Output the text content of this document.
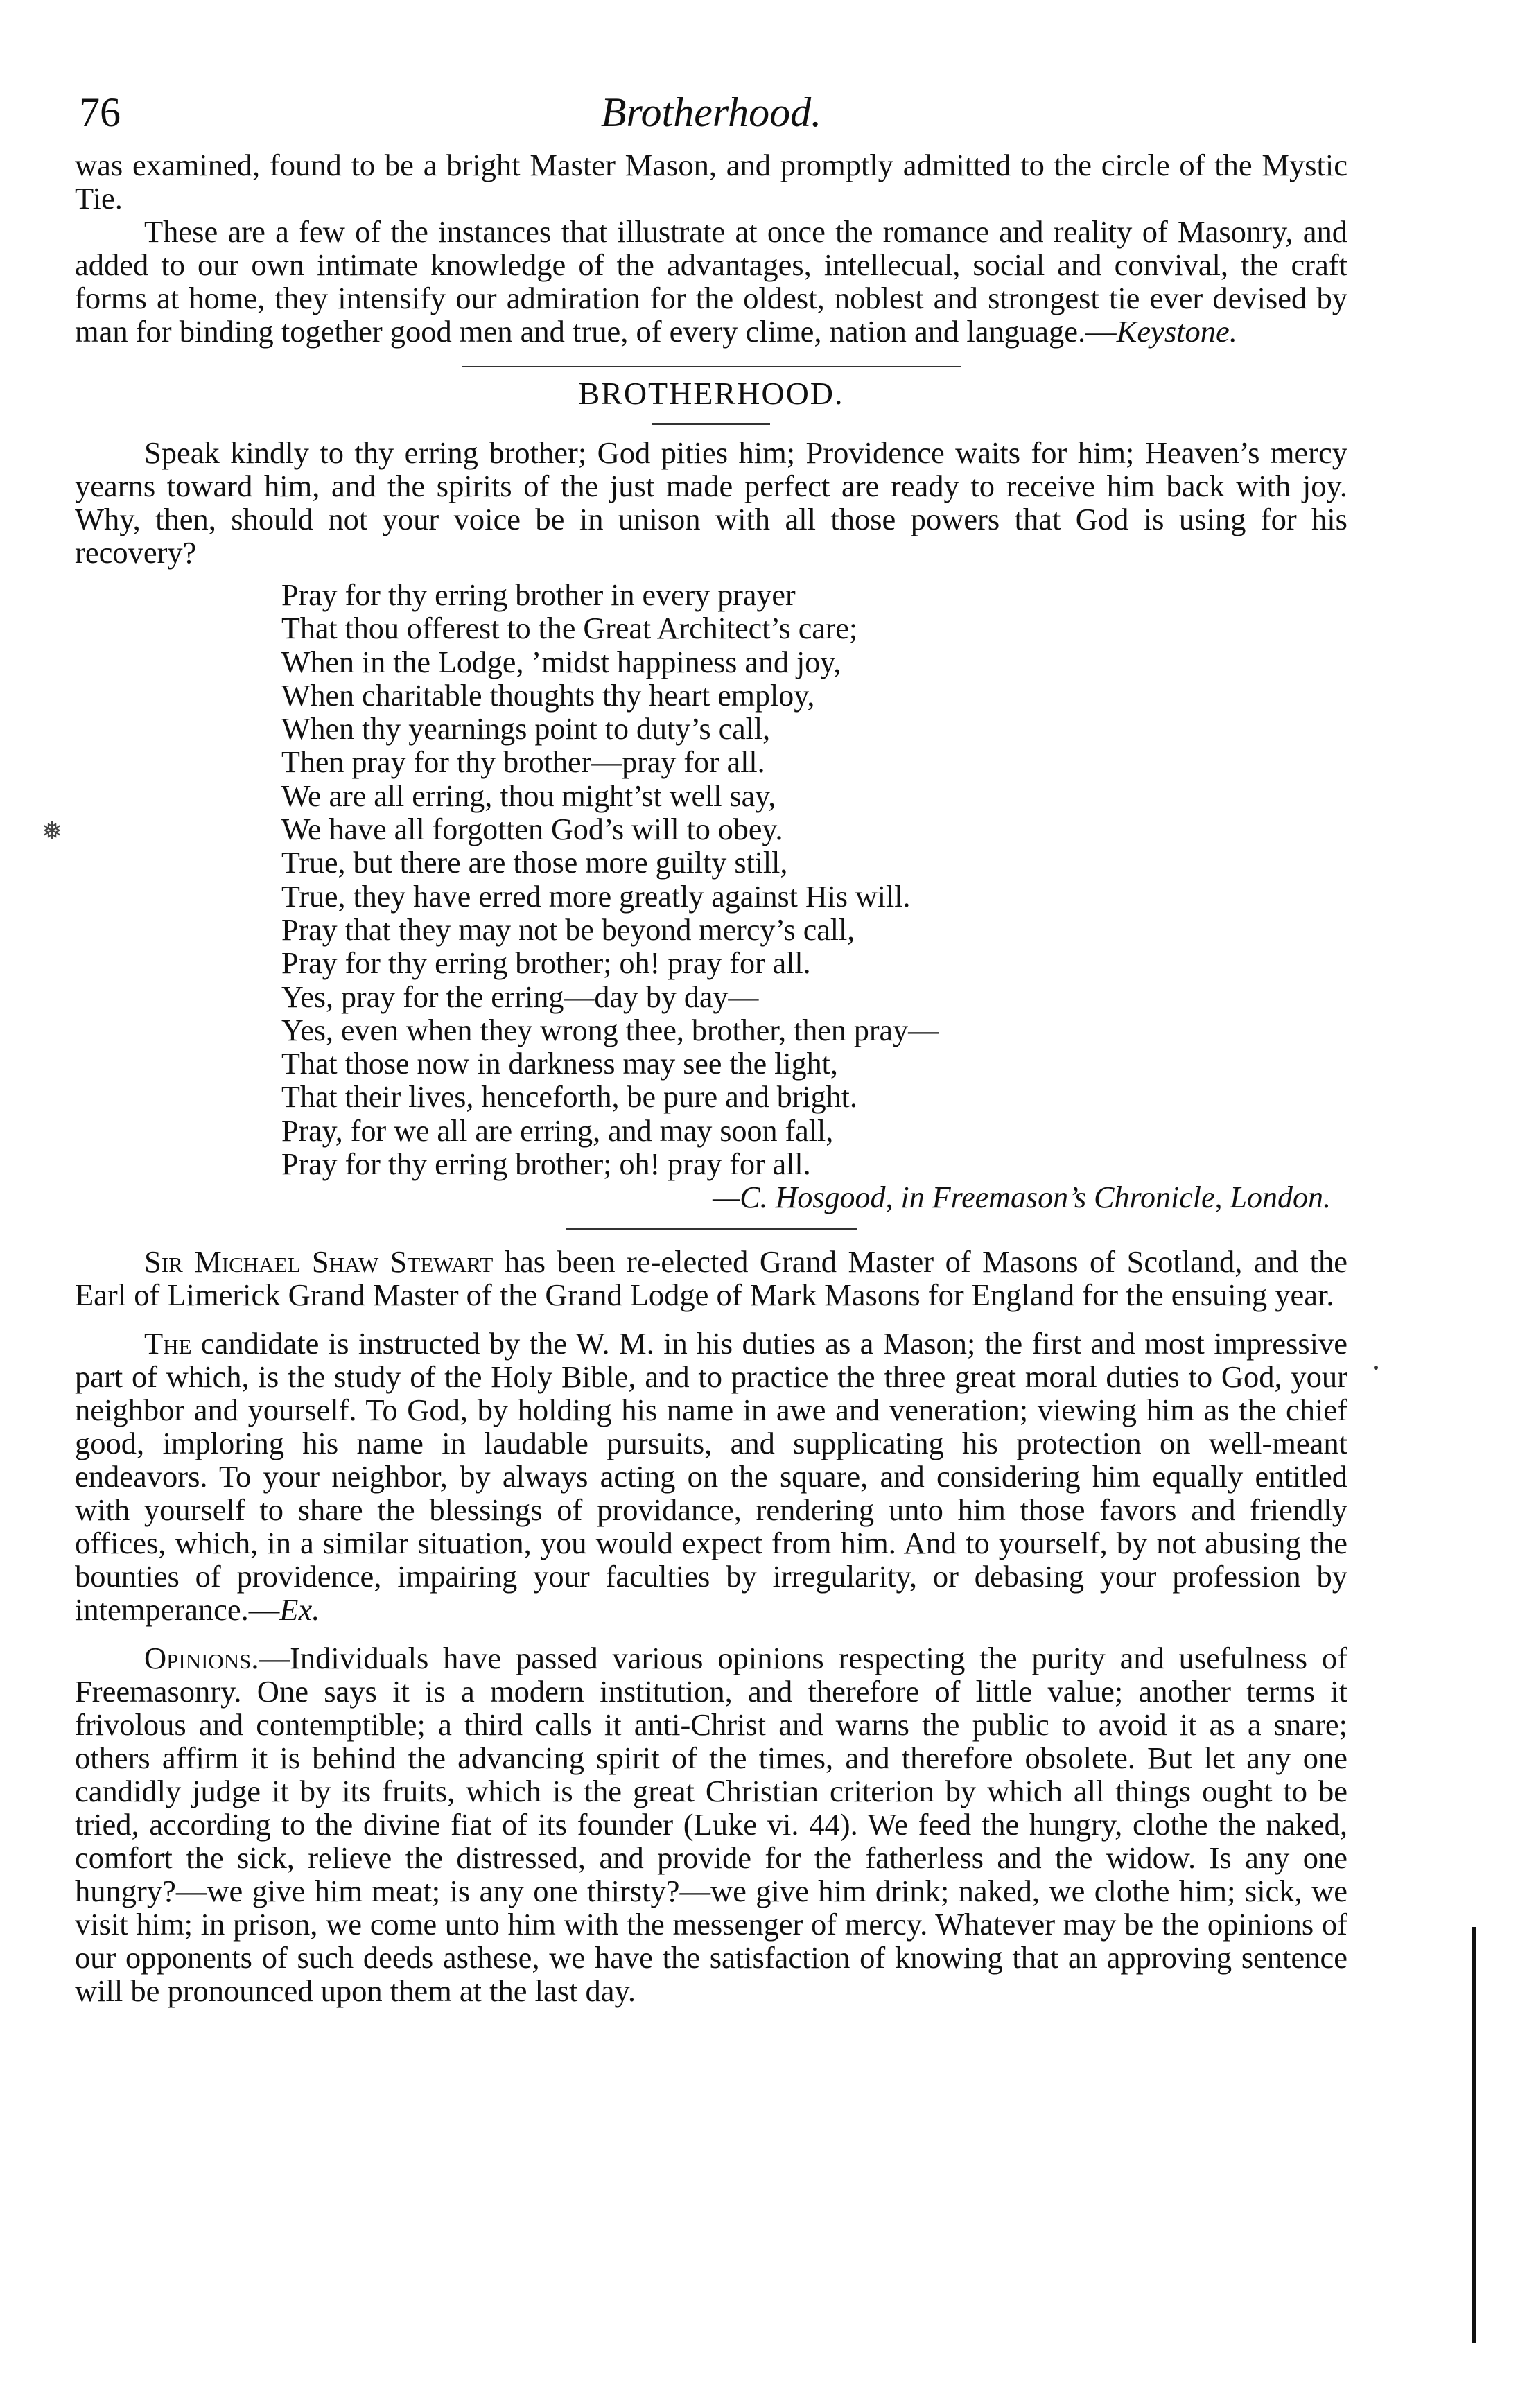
76	Brotherhood.

was examined, found to be a bright Master Mason, and promptly admitted to the circle of the Mystic Tie.

These are a few of the instances that illustrate at once the romance and reality of Masonry, and added to our own intimate knowledge of the advantages, intellecual, social and convival, the craft forms at home, they intensify our admiration for the oldest, noblest and strongest tie ever devised by man for binding together good men and true, of every clime, nation and language.—Keystone.

BROTHERHOOD.

Speak kindly to thy erring brother; God pities him; Providence waits for him; Heaven’s mercy yearns toward him, and the spirits of the just made perfect are ready to receive him back with joy. Why, then, should not your voice be in unison with all those powers that God is using for his recovery?

Pray for thy erring brother in every prayer
That thou offerest to the Great Architect’s care;
When in the Lodge, ’midst happiness and joy,
When charitable thoughts thy heart employ,
When thy yearnings point to duty’s call,
Then pray for thy brother—pray for all.
We are all erring, thou might’st well say,
We have all forgotten God’s will to obey.
True, but there are those more guilty still,
True, they have erred more greatly against His will.
Pray that they may not be beyond mercy’s call,
Pray for thy erring brother; oh! pray for all.
Yes, pray for the erring—day by day—
Yes, even when they wrong thee, brother, then pray—
That those now in darkness may see the light,
That their lives, henceforth, be pure and bright.
Pray, for we all are erring, and may soon fall,
Pray for thy erring brother; oh! pray for all.
—C. Hosgood, in Freemason’s Chronicle, London.

Sir Michael Shaw Stewart has been re-elected Grand Master of Masons of Scotland, and the Earl of Limerick Grand Master of the Grand Lodge of Mark Masons for England for the ensuing year.

The candidate is instructed by the W. M. in his duties as a Mason; the first and most impressive part of which, is the study of the Holy Bible, and to practice the three great moral duties to God, your neighbor and yourself. To God, by holding his name in awe and veneration; viewing him as the chief good, imploring his name in laudable pursuits, and supplicating his protection on well-meant endeavors. To your neighbor, by always acting on the square, and considering him equally entitled with yourself to share the blessings of providance, rendering unto him those favors and friendly offices, which, in a similar situation, you would expect from him. And to yourself, by not abusing the bounties of providence, impairing your faculties by irregularity, or debasing your profession by intemperance.—Ex.

Opinions.—Individuals have passed various opinions respecting the purity and usefulness of Freemasonry. One says it is a modern institution, and therefore of little value; another terms it frivolous and contemptible; a third calls it anti-Christ and warns the public to avoid it as a snare; others affirm it is behind the advancing spirit of the times, and therefore obsolete. But let any one candidly judge it by its fruits, which is the great Christian criterion by which all things ought to be tried, according to the divine fiat of its founder (Luke vi. 44). We feed the hungry, clothe the naked, comfort the sick, relieve the distressed, and provide for the fatherless and the widow. Is any one hungry?—we give him meat; is any one thirsty?—we give him drink; naked, we clothe him; sick, we visit him; in prison, we come unto him with the messenger of mercy. Whatever may be the opinions of our opponents of such deeds asthese, we have the satisfaction of knowing that an approving sentence will be pronounced upon them at the last day.

❅
